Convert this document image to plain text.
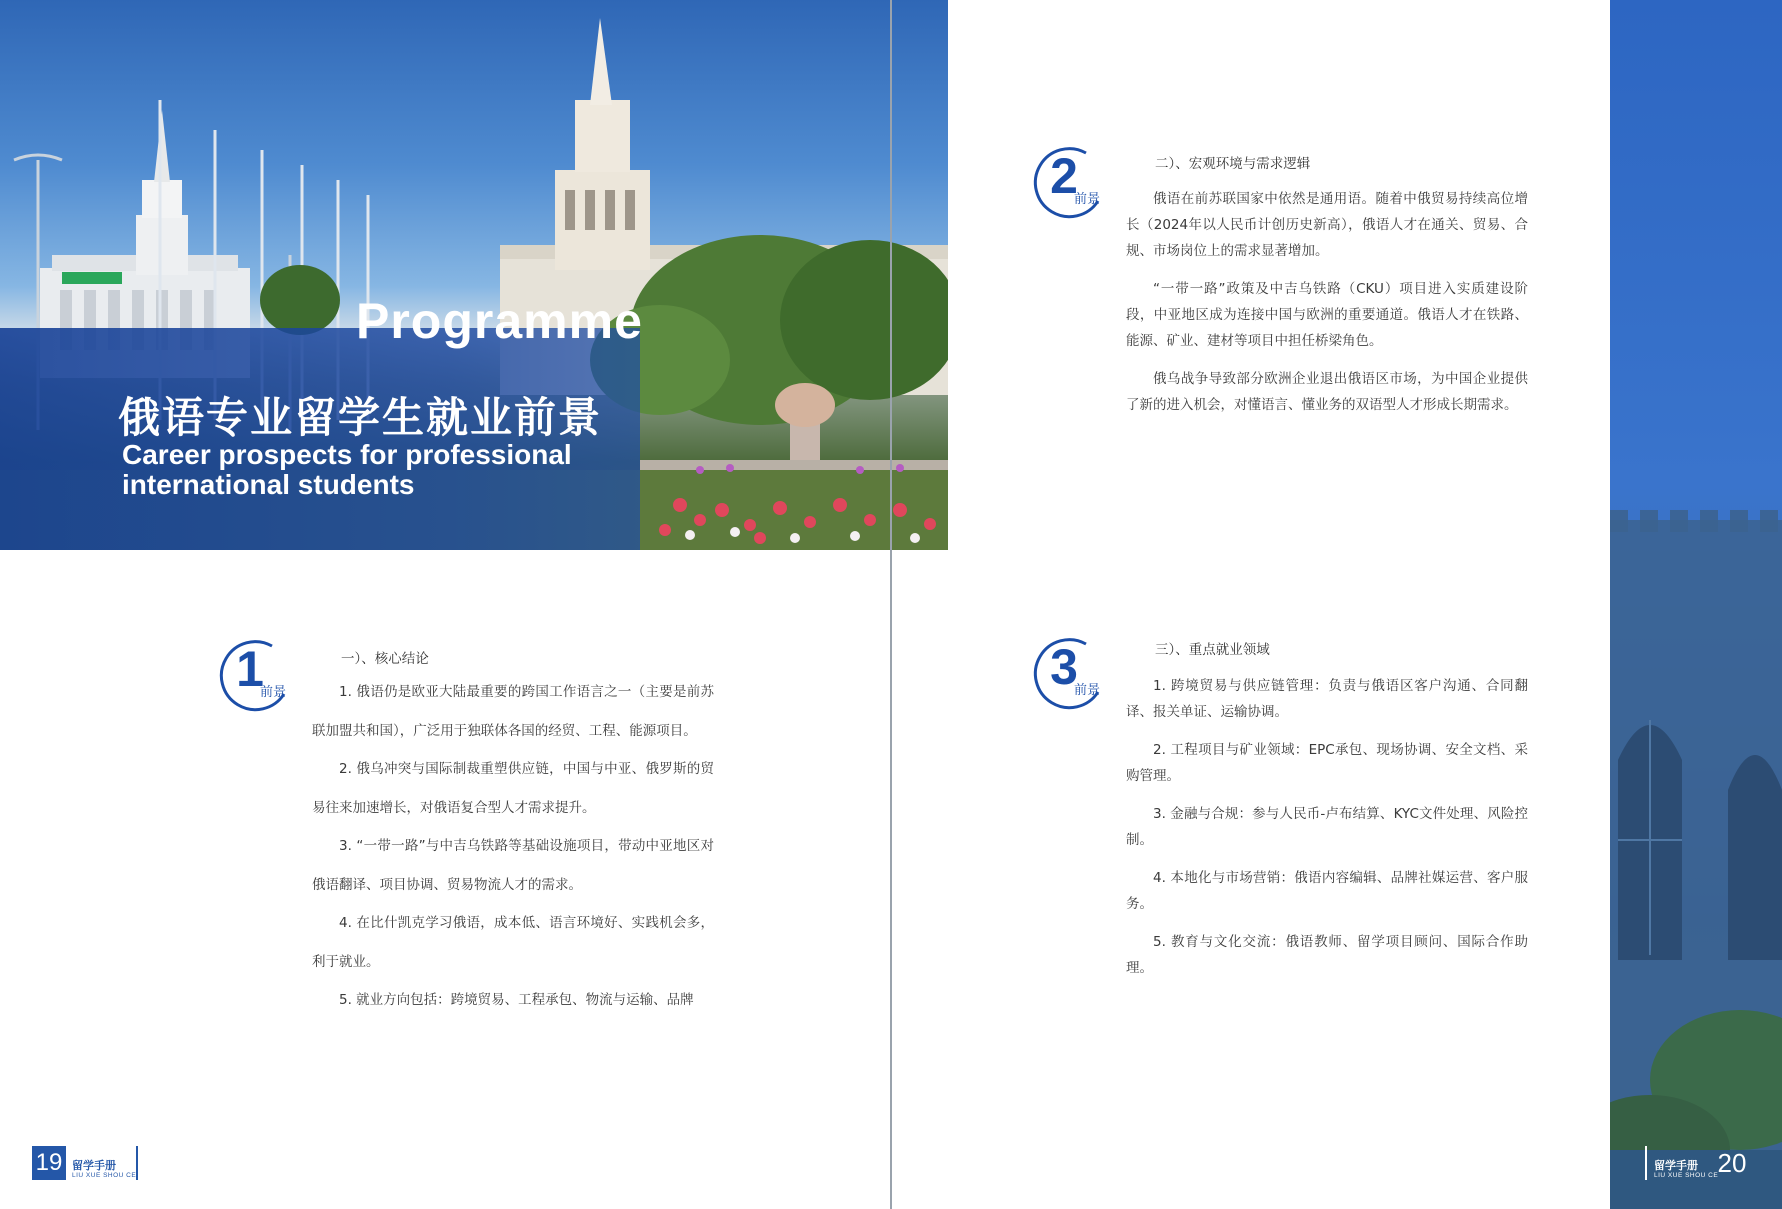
Programme
俄语专业留学生就业前景
Career prospects for professional
international students
1
前景
一）、核心结论

1. 俄语仍是欧亚大陆最重要的跨国工作语言之一（主要是前苏联加盟共和国），广泛用于独联体各国的经贸、工程、能源项目。

2. 俄乌冲突与国际制裁重塑供应链，中国与中亚、俄罗斯的贸易往来加速增长，对俄语复合型人才需求提升。

3. “一带一路”与中吉乌铁路等基础设施项目，带动中亚地区对俄语翻译、项目协调、贸易物流人才的需求。

4. 在比什凯克学习俄语，成本低、语言环境好、实践机会多，利于就业。

5. 就业方向包括：跨境贸易、工程承包、物流与运输、品牌

2
前景
二）、宏观环境与需求逻辑

俄语在前苏联国家中依然是通用语。随着中俄贸易持续高位增长（2024年以人民币计创历史新高），俄语人才在通关、贸易、合规、市场岗位上的需求显著增加。

“一带一路”政策及中吉乌铁路（CKU）项目进入实质建设阶段，中亚地区成为连接中国与欧洲的重要通道。俄语人才在铁路、能源、矿业、建材等项目中担任桥梁角色。

俄乌战争导致部分欧洲企业退出俄语区市场，为中国企业提供了新的进入机会，对懂语言、懂业务的双语型人才形成长期需求。

3
前景
三）、重点就业领域

1. 跨境贸易与供应链管理：负责与俄语区客户沟通、合同翻译、报关单证、运输协调。

2. 工程项目与矿业领域：EPC承包、现场协调、安全文档、采购管理。

3. 金融与合规：参与人民币-卢布结算、KYC文件处理、风险控制。

4. 本地化与市场营销：俄语内容编辑、品牌社媒运营、客户服务。

5. 教育与文化交流：俄语教师、留学项目顾问、国际合作助理。

19 留学手册
LIU XUE SHOU CE
留学手册
LIU XUE SHOU CE 20
